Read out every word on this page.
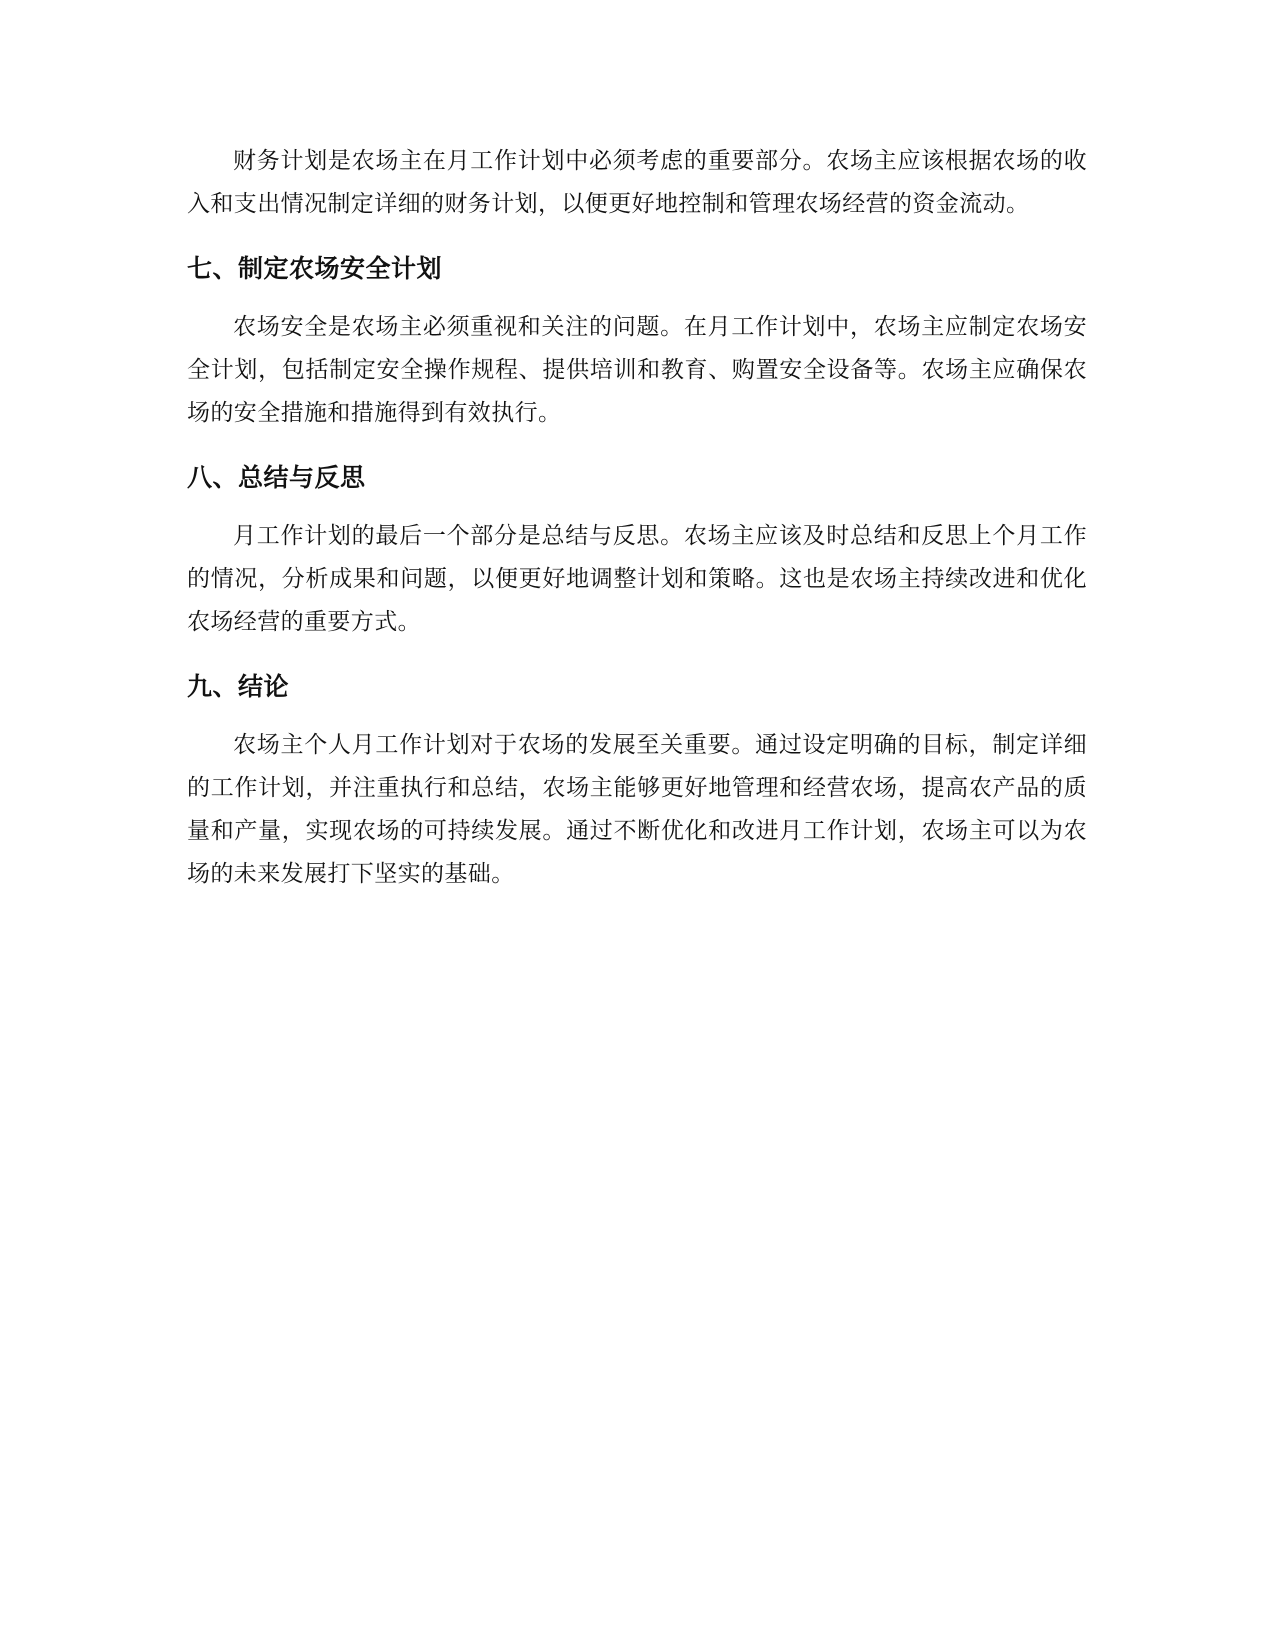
财务计划是农场主在月工作计划中必须考虑的重要部分。农场主应该根据农场的收入和支出情况制定详细的财务计划，以便更好地控制和管理农场经营的资金流动。

七、制定农场安全计划

农场安全是农场主必须重视和关注的问题。在月工作计划中，农场主应制定农场安全计划，包括制定安全操作规程、提供培训和教育、购置安全设备等。农场主应确保农场的安全措施和措施得到有效执行。

八、总结与反思

月工作计划的最后一个部分是总结与反思。农场主应该及时总结和反思上个月工作的情况，分析成果和问题，以便更好地调整计划和策略。这也是农场主持续改进和优化农场经营的重要方式。

九、结论

农场主个人月工作计划对于农场的发展至关重要。通过设定明确的目标，制定详细的工作计划，并注重执行和总结，农场主能够更好地管理和经营农场，提高农产品的质量和产量，实现农场的可持续发展。通过不断优化和改进月工作计划，农场主可以为农场的未来发展打下坚实的基础。
